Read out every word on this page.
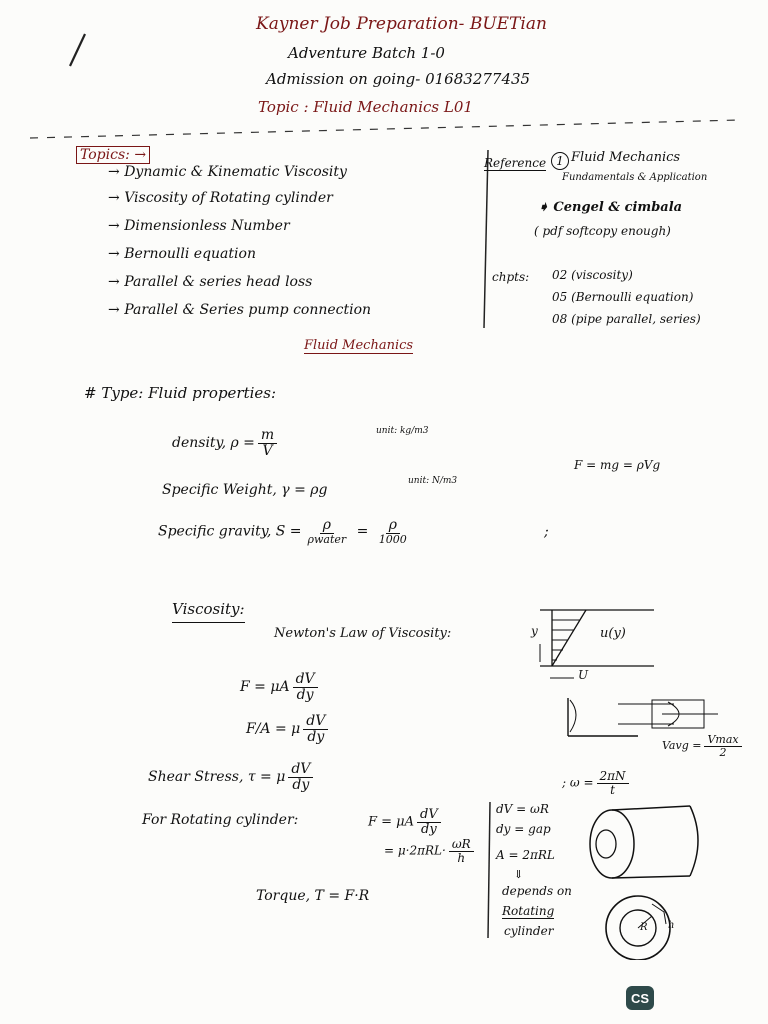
Kayner Job Preparation- BUETian
Adventure Batch 1-0
Admission on going- 01683277435
Topic : Fluid Mechanics L01
Topics: →
→ Dynamic & Kinematic Viscosity
→ Viscosity of Rotating cylinder
→ Dimensionless Number
→ Bernoulli equation
→ Parallel & series head loss
→ Parallel & Series pump connection
Reference 1 Fluid Mechanics
Fundamentals & Application
➧ Cengel & cimbala
( pdf softcopy enough)
chpts: 02 (viscosity)
05 (Bernoulli equation)
08 (pipe parallel, series)
Fluid Mechanics
# Type: Fluid properties:
density, $\rho = \frac{m}{V}$	unit: kg/m3
Specific Weight, γ = ρg
unit: N/m3
F = mg = ρVg
Specific gravity, $S = \frac{\rho}{\text{ρwater}} = \frac{\rho}{1000}$	;
Viscosity:
Newton's Law of Viscosity:
F = μA $\frac{dV}{dy}$
F/A = μ $\frac{dV}{dy}$
Shear Stress, τ = μ $\frac{dV}{dy}$
y	u(y)
U
Vavg = $\frac{Vmax}{2}$
; $\omega = \frac{2\pi N}{t}$
For Rotating cylinder:	F = μA $\frac{dV}{dy}$
= $\mu\cdot 2\pi RL\cdot \frac{\omega R}{h}$
dV = ωR
dy = gap
A = 2πRL
⇓
depends on
Rotating
cylinder
Torque, T = F·R
R h
CS
